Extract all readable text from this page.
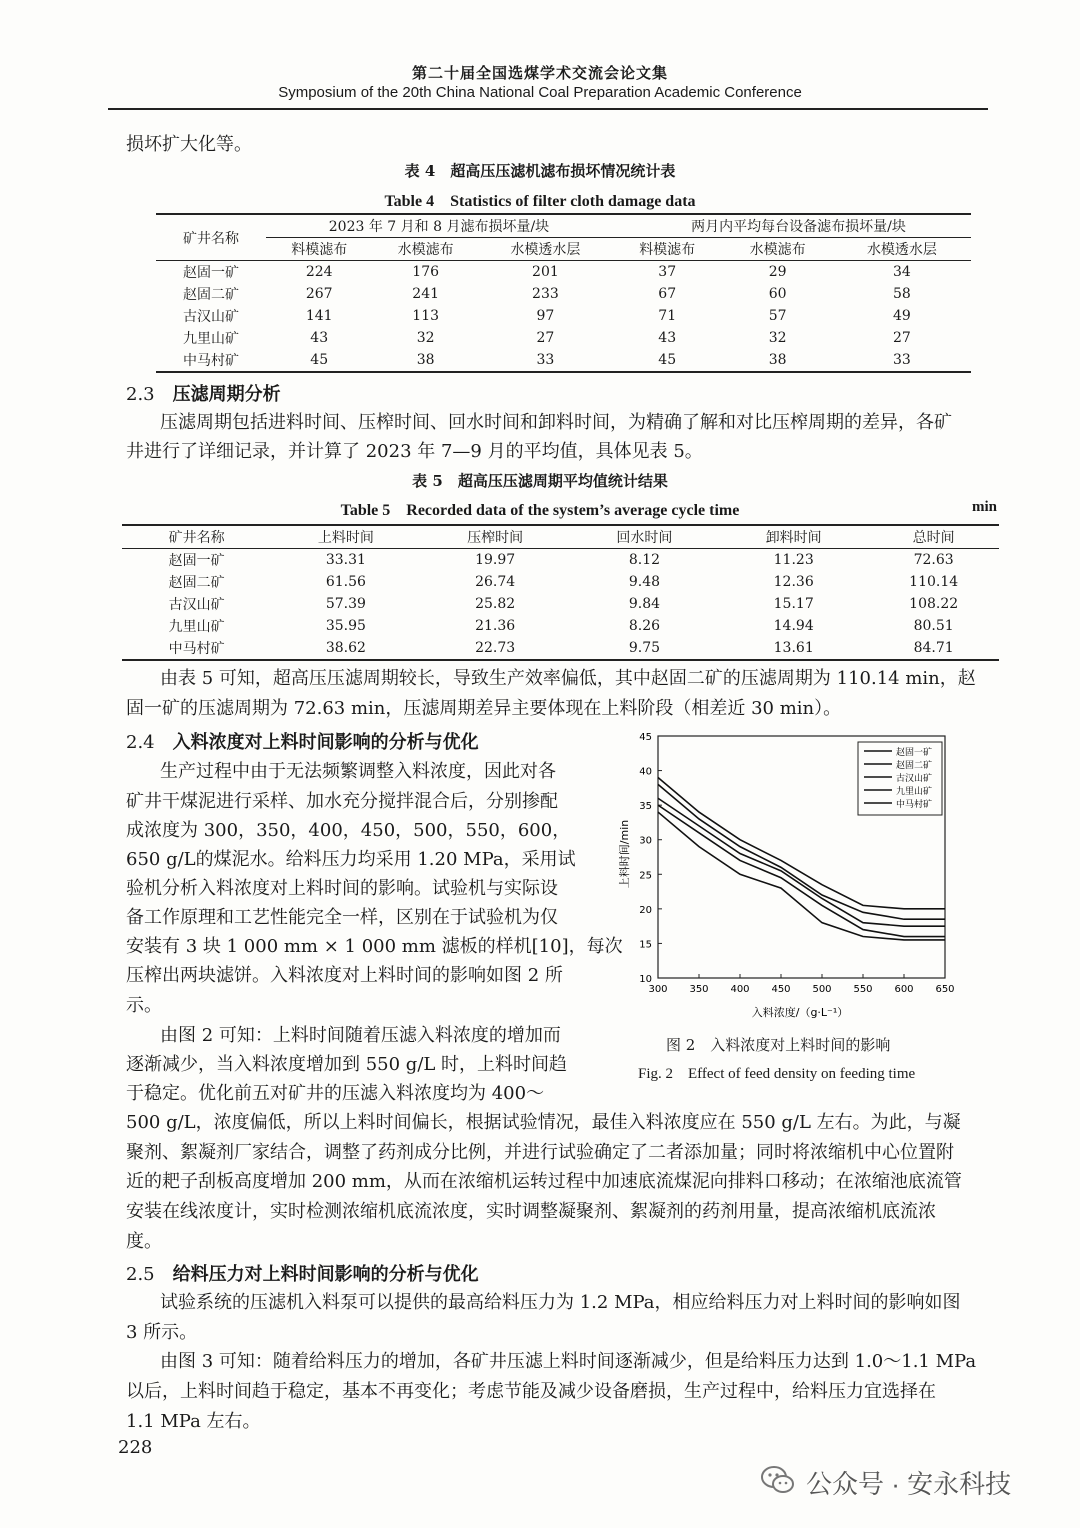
第二十届全国选煤学术交流会论文集
Symposium of the 20th China National Coal Preparation Academic Conference
损坏扩大化等。
表 4　超高压压滤机滤布损坏情况统计表
Table 4　Statistics of filter cloth damage data
矿井名称	2023 年 7 月和 8 月滤布损坏量/块			两月内平均每台设备滤布损坏量/块		
	料模滤布	水模滤布	水模透水层	料模滤布	水模滤布	水模透水层
赵固一矿	224	176	201	37	29	34
赵固二矿	267	241	233	67	60	58
古汉山矿	141	113	97	71	57	49
九里山矿	43	32	27	43	32	27
中马村矿	45	38	33	45	38	33
2.3 压滤周期分析
压滤周期包括进料时间、压榨时间、回水时间和卸料时间，为精确了解和对比压榨周期的差异，各矿
井进行了详细记录，并计算了 2023 年 7—9 月的平均值，具体见表 5。
表 5　超高压压滤周期平均值统计结果
Table 5　Recorded data of the system’s average cycle time	min
矿井名称	上料时间	压榨时间	回水时间	卸料时间	总时间
赵固一矿	33.31	19.97	8.12	11.23	72.63
赵固二矿	61.56	26.74	9.48	12.36	110.14
古汉山矿	57.39	25.82	9.84	15.17	108.22
九里山矿	35.95	21.36	8.26	14.94	80.51
中马村矿	38.62	22.73	9.75	13.61	84.71
由表 5 可知，超高压压滤周期较长，导致生产效率偏低，其中赵固二矿的压滤周期为 110.14 min，赵
固一矿的压滤周期为 72.63 min，压滤周期差异主要体现在上料阶段（相差近 30 min）。
2.4 入料浓度对上料时间影响的分析与优化
生产过程中由于无法频繁调整入料浓度，因此对各
矿井干煤泥进行采样、加水充分搅拌混合后，分别掺配
成浓度为 300，350，400，450，500，550，600，
650 g/L的煤泥水。给料压力均采用 1.20 MPa，采用试
验机分析入料浓度对上料时间的影响。试验机与实际设
备工作原理和工艺性能完全一样，区别在于试验机为仅
安装有 3 块 1 000 mm × 1 000 mm 滤板的样机[10]，每次
压榨出两块滤饼。入料浓度对上料时间的影响如图 2 所
示。
由图 2 可知：上料时间随着压滤入料浓度的增加而
逐渐减少，当入料浓度增加到 550 g/L 时，上料时间趋
于稳定。优化前五对矿井的压滤入料浓度均为 400～
500 g/L，浓度偏低，所以上料时间偏长，根据试验情况，最佳入料浓度应在 550 g/L 左右。为此，与凝
聚剂、絮凝剂厂家结合，调整了药剂成分比例，并进行试验确定了二者添加量；同时将浓缩机中心位置附
近的耙子刮板高度增加 200 mm，从而在浓缩机运转过程中加速底流煤泥向排料口移动；在浓缩池底流管
安装在线浓度计，实时检测浓缩机底流浓度，实时调整凝聚剂、絮凝剂的药剂用量，提高浓缩机底流浓
度。
上料时间/min
入料浓度/（g·L⁻¹）
300 350 400 450 500 550 600 650
10
15
20
25
30
35
40
45
赵固一矿
赵固二矿
古汉山矿
九里山矿
中马村矿
图 2　入料浓度对上料时间的影响
Fig. 2　Effect of feed density on feeding time
2.5 给料压力对上料时间影响的分析与优化
试验系统的压滤机入料泵可以提供的最高给料压力为 1.2 MPa，相应给料压力对上料时间的影响如图
3 所示。
由图 3 可知：随着给料压力的增加，各矿井压滤上料时间逐渐减少，但是给料压力达到 1.0～1.1 MPa
以后，上料时间趋于稳定，基本不再变化；考虑节能及减少设备磨损，生产过程中，给料压力宜选择在
1.1 MPa 左右。
228
公众号 · 安永科技
